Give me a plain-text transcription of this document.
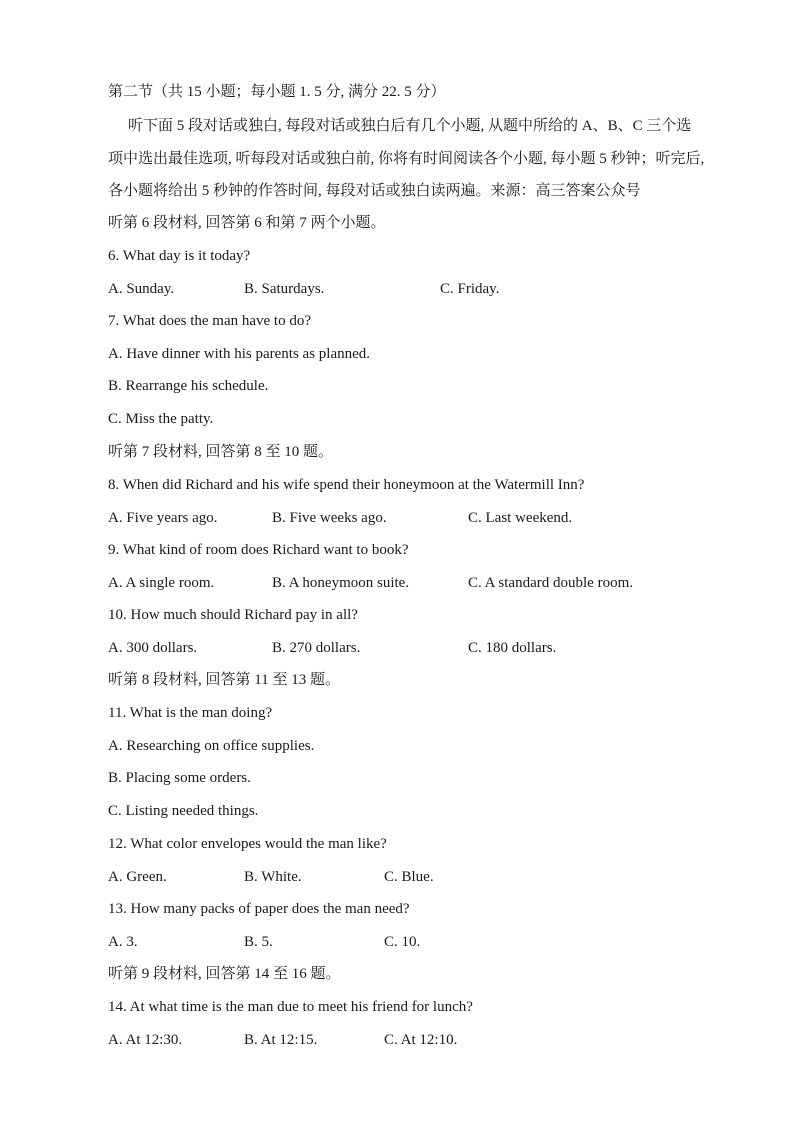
第二节（共 15 小题；每小题 1. 5 分, 满分 22. 5 分）
听下面 5 段对话或独白, 每段对话或独白后有几个小题, 从题中所给的 A、B、C 三个选
项中选出最佳选项, 听每段对话或独白前, 你将有时间阅读各个小题, 每小题 5 秒钟；听完后,
各小题将给出 5 秒钟的作答时间, 每段对话或独白读两遍。来源：高三答案公众号
听第 6 段材料, 回答第 6 和第 7 两个小题。
6. What day is it today?
A. Sunday.	B. Saturdays.	C. Friday.
7. What does the man have to do?
A. Have dinner with his parents as planned.
B. Rearrange his schedule.
C. Miss the patty.
听第 7 段材料, 回答第 8 至 10 题。
8. When did Richard and his wife spend their honeymoon at the Watermill Inn?
A. Five years ago.	B. Five weeks ago.	C. Last weekend.
9. What kind of room does Richard want to book?
A. A single room.	B. A honeymoon suite.	C. A standard double room.
10. How much should Richard pay in all?
A. 300 dollars.	B. 270 dollars.	C. 180 dollars.
听第 8 段材料, 回答第 11 至 13 题。
11. What is the man doing?
A. Researching on office supplies.
B. Placing some orders.
C. Listing needed things.
12. What color envelopes would the man like?
A. Green.	B. White.	C. Blue.
13. How many packs of paper does the man need?
A. 3.	B. 5.	C. 10.
听第 9 段材料, 回答第 14 至 16 题。
14. At what time is the man due to meet his friend for lunch?
A. At 12:30.	B. At 12:15.	C. At 12:10.
